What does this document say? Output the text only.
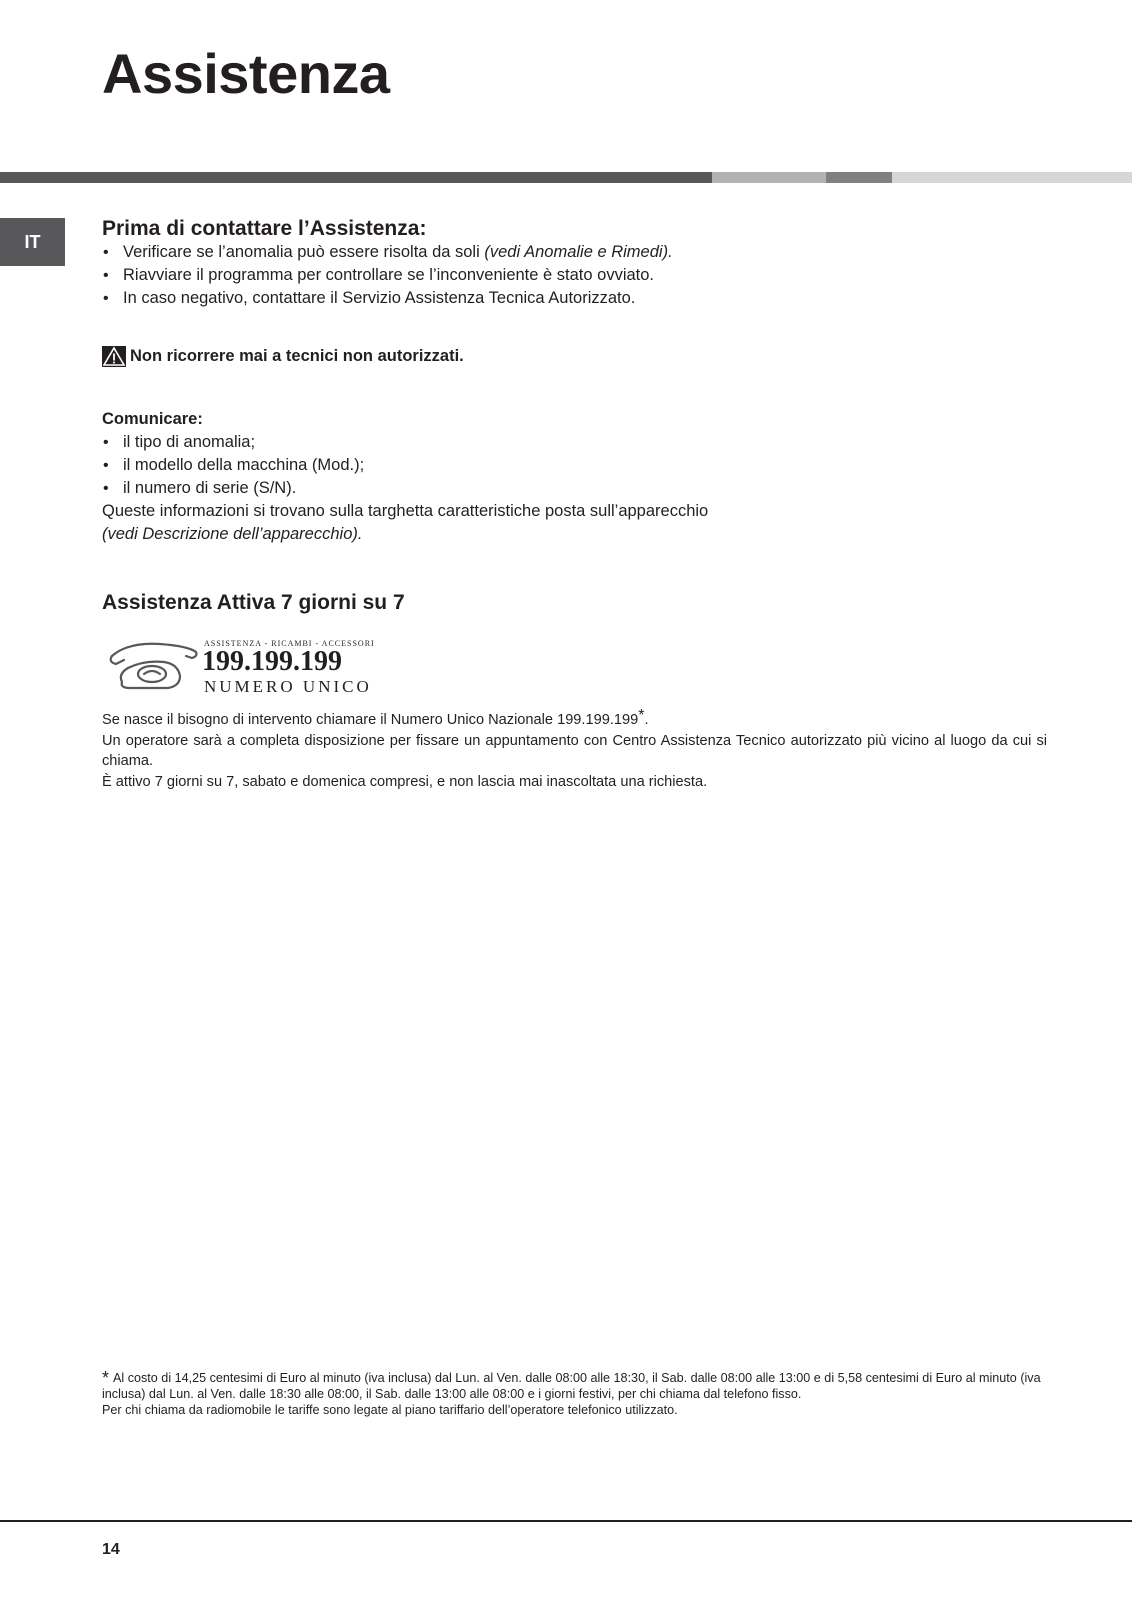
Assistenza
IT
Prima di contattare l’Assistenza:
• Verificare se l’anomalia può essere risolta da soli (vedi Anomalie e Rimedi).
• Riavviare il programma per controllare se l’inconveniente è stato ovviato.
• In caso negativo, contattare il Servizio Assistenza Tecnica Autorizzato.
Non ricorrere mai a tecnici non autorizzati.
Comunicare:
• il tipo di anomalia;
• il modello della macchina (Mod.);
• il numero di serie (S/N).

Queste informazioni si trovano sulla targhetta caratteristiche posta sull’apparecchio

(vedi Descrizione dell’apparecchio).

Assistenza Attiva 7 giorni su 7
ASSISTENZA - RICAMBI - ACCESSORI
199.199.199
NUMERO UNICO

Se nasce il bisogno di intervento chiamare il Numero Unico Nazionale 199.199.199*.

Un operatore sarà a completa disposizione per fissare un appuntamento con Centro Assistenza Tecnico autorizzato più vicino al luogo da cui si chiama.

È attivo 7 giorni su 7, sabato e domenica compresi, e non lascia mai inascoltata una richiesta.

* Al costo di 14,25 centesimi di Euro al minuto (iva inclusa) dal Lun. al Ven. dalle 08:00 alle 18:30, il Sab. dalle 08:00 alle 13:00 e di 5,58 centesimi di Euro al minuto (iva inclusa) dal Lun. al Ven. dalle 18:30 alle 08:00, il Sab. dalle 13:00 alle 08:00 e i giorni festivi, per chi chiama dal telefono fisso.

Per chi chiama da radiomobile le tariffe sono legate al piano tariffario dell’operatore telefonico utilizzato.

14
